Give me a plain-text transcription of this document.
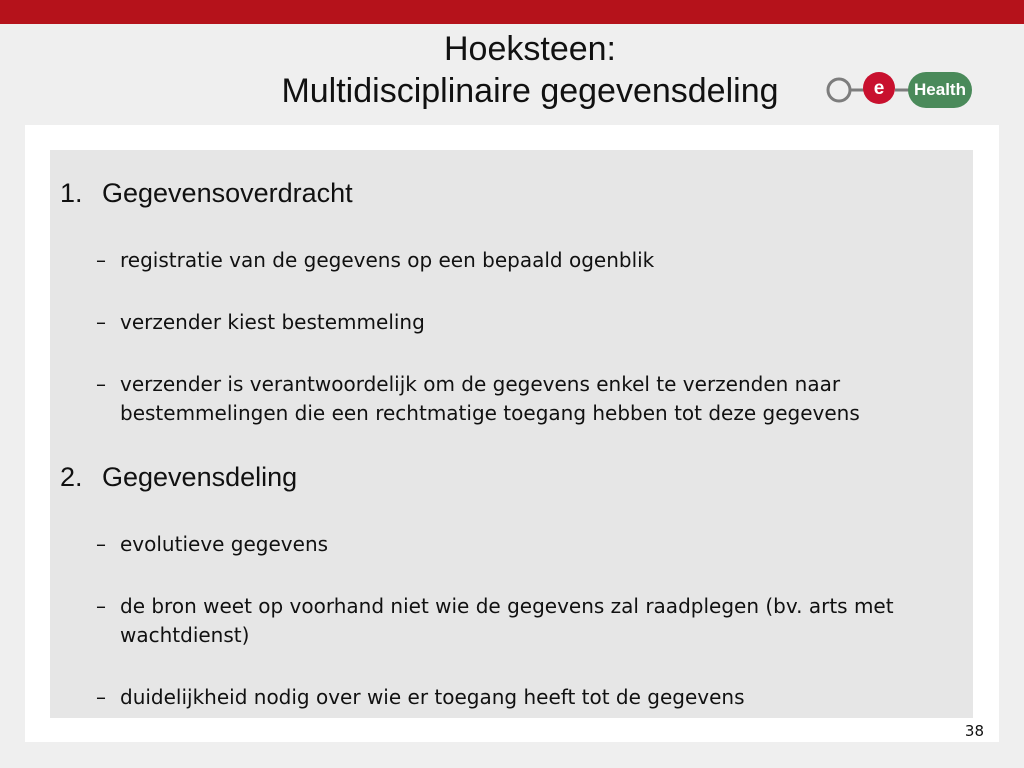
Hoeksteen:
Multidisciplinaire gegevensdeling	e Health
1. Gegevensoverdracht
– registratie van de gegevens op een bepaald ogenblik
– verzender kiest bestemmeling
– verzender is verantwoordelijk om de gegevens enkel te verzenden naar
bestemmelingen die een rechtmatige toegang hebben tot deze gegevens
2. Gegevensdeling
– evolutieve gegevens
– de bron weet op voorhand niet wie de gegevens zal raadplegen (bv. arts met
wachtdienst)
– duidelijkheid nodig over wie er toegang heeft tot de gegevens
38
